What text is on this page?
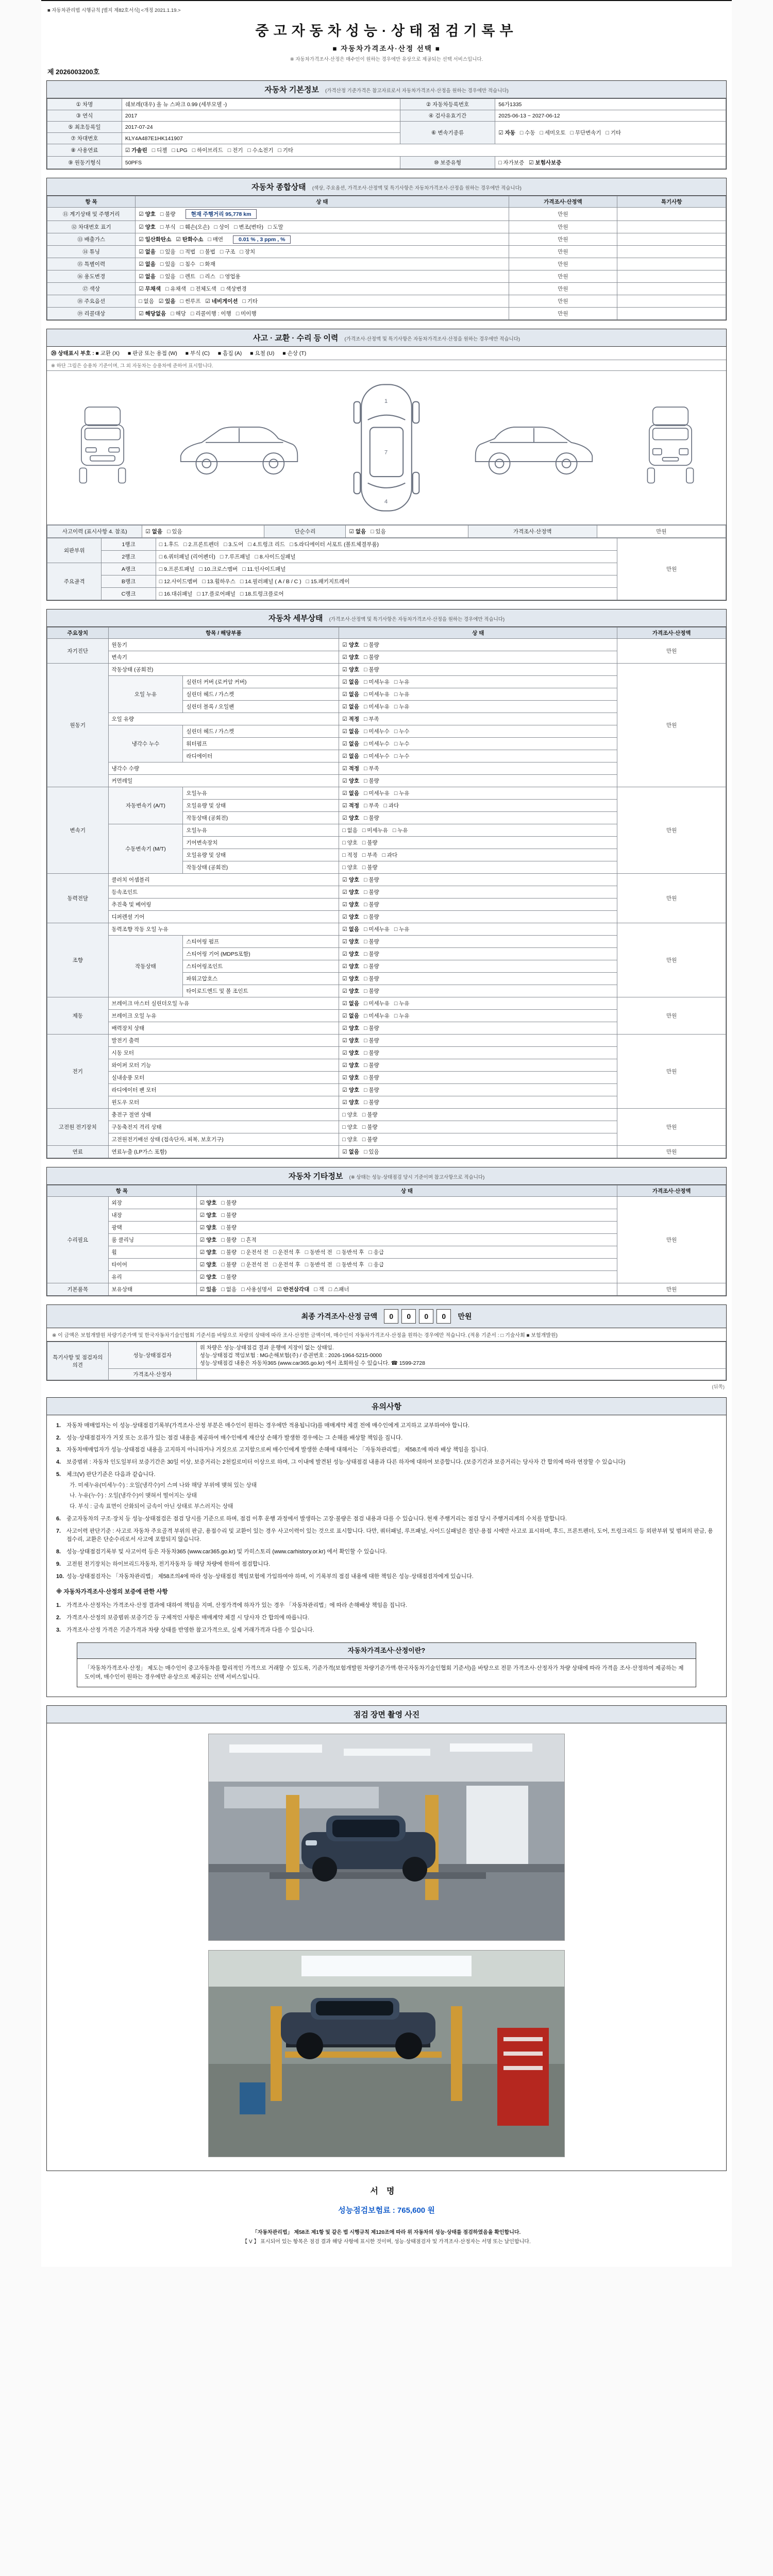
■ 자동차관리법 시행규칙 [별지 제82호서식] <개정 2021.1.19.>
중고자동차성능·상태점검기록부
■ 자동차가격조사·산정 선택 ■
※ 자동차가격조사·산정은 매수인이 원하는 경우에만 유상으로 제공되는 선택 서비스입니다.
제 2026003200호
자동차 기본정보 (가격산정 기준가격은 참고자료로서 자동차가격조사·산정을 원하는 경우에만 적습니다)
① 차명	쉐보레(대우) 올 뉴 스파크 0.99 (세부모델 -)	② 자동차등록번호	56가1335
③ 연식	2017	④ 검사유효기간	2025-06-13 ~ 2027-06-12
⑤ 최초등록일	2017-07-24	⑥ 변속기종류	☑ 자동 □ 수동 □ 세미오토 □ 무단변속기 □ 기타
⑦ 차대번호	KLY4A487E1HK141907		
⑧ 사용연료	☑ 가솔린 □ 디젤 □ LPG □ 하이브리드 □ 전기 □ 수소전기 □ 기타		
⑨ 원동기형식	50PFS	⑩ 보증유형	□ 자가보증 ☑ 보험사보증
자동차 종합상태 (색상, 주요옵션, 가격조사·산정액 및 특기사항은 자동차가격조사·산정을 원하는 경우에만 적습니다)
항 목	상 태	가격조사·산정액	특기사항
⑪ 계기상태 및 주행거리	☑ 양호 □ 불량 현재 주행거리 95,778 km	만원	
⑫ 차대번호 표기	☑ 양호 □ 부식 □ 훼손(오손) □ 상이 □ 변조(변타) □ 도말	만원	
⑬ 배출가스	☑ 일산화탄소 ☑ 탄화수소 □ 매연 0.01 % , 3 ppm , %	만원	
⑭ 튜닝	☑ 없음 □ 있음 □ 적법 □ 불법 □ 구조 □ 장치	만원	
⑮ 특별이력	☑ 없음 □ 있음 □ 침수 □ 화재	만원	
⑯ 용도변경	☑ 없음 □ 있음 □ 렌트 □ 리스 □ 영업용	만원	
⑰ 색상	☑ 무채색 □ 유채색 □ 전체도색 □ 색상변경	만원	
⑱ 주요옵션	□ 없음 ☑ 있음 □ 썬루프 ☑ 네비게이션 □ 기타	만원	
⑲ 리콜대상	☑ 해당없음 □ 해당 □ 리콜이행 : 이행 □ 미이행	만원	
사고 · 교환 · 수리 등 이력 (가격조사·산정액 및 특기사항은 자동차가격조사·산정을 원하는 경우에만 적습니다)
⑳ 상태표시 부호 : ■ 교환 (X) ■ 판금 또는 용접 (W) ■ 부식 (C) ■ 흠집 (A) ■ 요철 (U) ■ 손상 (T)
※ 하단 그림은 승용차 기준이며, 그 외 자동차는 승용차에 준하여 표시합니다.
1
7
4
사고이력 (표시사항 4. 참조)	☑ 없음 □ 있음	단순수리	☑ 없음 □ 있음	가격조사·산정액	만원
외판부위	1랭크	□ 1.후드 □ 2.프론트펜더 □ 3.도어 □ 4.트렁크 리드 □ 5.라디에이터 서포트 (볼트체결부품)	만원
	2랭크	□ 6.쿼터패널 (리어펜더) □ 7.루프패널 □ 8.사이드실패널	
주요골격	A랭크	□ 9.프론트패널 □ 10.크로스멤버 □ 11.인사이드패널	
	B랭크	□ 12.사이드멤버 □ 13.휠하우스 □ 14.필러패널 ( A / B / C ) □ 15.패키지트레이	
	C랭크	□ 16.대쉬패널 □ 17.플로어패널 □ 18.트렁크플로어	
자동차 세부상태 (가격조사·산정액 및 특기사항은 자동차가격조사·산정을 원하는 경우에만 적습니다)
주요장치	항목 / 해당부품		상 태	가격조사·산정액
자기진단	원동기		☑ 양호 □ 불량	만원
	변속기		☑ 양호 □ 불량	
원동기	작동상태 (공회전)		☑ 양호 □ 불량	만원
	오일 누유	실린더 커버 (로커암 커버)	☑ 없음 □ 미세누유 □ 누유	
		실린더 헤드 / 가스켓	☑ 없음 □ 미세누유 □ 누유	
		실린더 블록 / 오일팬	☑ 없음 □ 미세누유 □ 누유	
	오일 유량		☑ 적정 □ 부족	
	냉각수 누수	실린더 헤드 / 가스켓	☑ 없음 □ 미세누수 □ 누수	
		워터펌프	☑ 없음 □ 미세누수 □ 누수	
		라디에이터	☑ 없음 □ 미세누수 □ 누수	
	냉각수 수량		☑ 적정 □ 부족	
	커먼레일		☑ 양호 □ 불량	
변속기	자동변속기 (A/T)	오일누유	☑ 없음 □ 미세누유 □ 누유	만원
		오일유량 및 상태	☑ 적정 □ 부족 □ 과다	
		작동상태 (공회전)	☑ 양호 □ 불량	
	수동변속기 (M/T)	오일누유	□ 없음 □ 미세누유 □ 누유	
		기어변속장치	□ 양호 □ 불량	
		오일유량 및 상태	□ 적정 □ 부족 □ 과다	
		작동상태 (공회전)	□ 양호 □ 불량	
동력전달	클러치 어셈블리		☑ 양호 □ 불량	만원
	등속조인트		☑ 양호 □ 불량	
	추진축 및 베어링		☑ 양호 □ 불량	
	디퍼렌셜 기어		☑ 양호 □ 불량	
조향	동력조향 작동 오일 누유		☑ 없음 □ 미세누유 □ 누유	만원
	작동상태	스티어링 펌프	☑ 양호 □ 불량	
		스티어링 기어 (MDPS포함)	☑ 양호 □ 불량	
		스티어링조인트	☑ 양호 □ 불량	
		파워고압호스	☑ 양호 □ 불량	
		타이로드엔드 및 볼 조인트	☑ 양호 □ 불량	
제동	브레이크 마스터 실린더오일 누유		☑ 없음 □ 미세누유 □ 누유	만원
	브레이크 오일 누유		☑ 없음 □ 미세누유 □ 누유	
	배력장치 상태		☑ 양호 □ 불량	
전기	발전기 출력		☑ 양호 □ 불량	만원
	시동 모터		☑ 양호 □ 불량	
	와이퍼 모터 기능		☑ 양호 □ 불량	
	실내송풍 모터		☑ 양호 □ 불량	
	라디에이터 팬 모터		☑ 양호 □ 불량	
	윈도우 모터		☑ 양호 □ 불량	
고전원 전기장치	충전구 절연 상태		□ 양호 □ 불량	만원
	구동축전지 격리 상태		□ 양호 □ 불량	
	고전원전기배선 상태 (접속단자, 피복, 보호기구)		□ 양호 □ 불량	
연료	연료누출 (LP가스 포함)		☑ 없음 □ 있음	만원
자동차 기타정보 (※ 상태는 성능·상태점검 당시 기준이며 참고사항으로 적습니다)
항 목		상 태	가격조사·산정액
수리필요	외장	☑ 양호 □ 불량	만원
	내장	☑ 양호 □ 불량	
	광택	☑ 양호 □ 불량	
	룸 클리닝	☑ 양호 □ 불량 □ 흔적	
	휠	☑ 양호 □ 불량 □ 운전석 전 □ 운전석 후 □ 동반석 전 □ 동반석 후 □ 응급	
	타이어	☑ 양호 □ 불량 □ 운전석 전 □ 운전석 후 □ 동반석 전 □ 동반석 후 □ 응급	
	유리	☑ 양호 □ 불량	
기본품목	보유상태	☑ 있음 □ 없음 □ 사용설명서 ☑ 안전삼각대 □ 잭 □ 스패너	만원
최종 가격조사·산정 금액	0 0 0 0	만원
※ 이 금액은 보험개발원 차량기준가액 및 한국자동차기술인협회 기준서를 바탕으로 차량의 상태에 따라 조사·산정한 금액이며, 매수인이 자동차가격조사·산정을 원하는 경우에만 적습니다. (적용 기준서 : □ 기술사회 ■ 보험개발원)
특기사항 및 점검자의 의견	성능·상태점검자	위 차량은 성능·상태점검 결과 운행에 지장이 없는 상태임.
성능·상태점검 책임보험 : MG손해보험(주) / 증권번호 : 2026-1964-5215-0000
성능·상태점검 내용은 자동차365 (www.car365.go.kr) 에서 조회하실 수 있습니다. ☎ 1599-2728
	가격조사·산정자	
(뒤쪽)
유의사항
1.	자동차 매매업자는 이 성능·상태점검기록부(가격조사·산정 부분은 매수인이 원하는 경우에만 적용됩니다)를 매매계약 체결 전에 매수인에게 고지하고 교부하여야 합니다.
2.	성능·상태점검자가 거짓 또는 오류가 있는 점검 내용을 제공하여 매수인에게 재산상 손해가 발생한 경우에는 그 손해를 배상할 책임을 집니다.
3.	자동차매매업자가 성능·상태점검 내용을 고지하지 아니하거나 거짓으로 고지함으로써 매수인에게 발생한 손해에 대해서는 「자동차관리법」 제58조에 따라 배상 책임을 집니다.
4.	보증범위 : 자동차 인도일부터 보증기간은 30일 이상, 보증거리는 2천킬로미터 이상으로 하며, 그 이내에 발견된 성능·상태점검 내용과 다른 하자에 대하여 보증합니다. (보증기간과 보증거리는 당사자 간 합의에 따라 연장할 수 있습니다)
5.	체크(V) 판단기준은 다음과 같습니다.
가. 미세누유(미세누수) : 오일(냉각수)이 스며 나와 해당 부위에 맺혀 있는 상태
나. 누유(누수) : 오일(냉각수)이 맺혀서 떨어지는 상태
다. 부식 : 금속 표면이 산화되어 금속이 아닌 상태로 부스러지는 상태
6.	중고자동차의 구조·장치 등 성능·상태점검은 점검 당시를 기준으로 하며, 점검 이후 운행 과정에서 발생하는 고장·불량은 점검 내용과 다를 수 있습니다. 현재 주행거리는 점검 당시 주행거리계의 수치를 말합니다.
7.	사고이력 판단기준 : 사고로 자동차 주요골격 부위의 판금, 용접수리 및 교환이 있는 경우 사고이력이 있는 것으로 표시합니다. 다만, 쿼터패널, 루프패널, 사이드실패널은 절단·용접 시에만 사고로 표시하며, 후드, 프론트펜더, 도어, 트렁크리드 등 외판부위 및 범퍼의 판금, 용접수리, 교환은 단순수리로서 사고에 포함되지 않습니다.
8.	성능·상태점검기록부 및 사고이력 등은 자동차365 (www.car365.go.kr) 및 카히스토리 (www.carhistory.or.kr) 에서 확인할 수 있습니다.
9.	고전원 전기장치는 하이브리드자동차, 전기자동차 등 해당 차량에 한하여 점검합니다.
10. 성능·상태점검자는 「자동차관리법」 제58조의4에 따라 성능·상태점검 책임보험에 가입하여야 하며, 이 기록부의 점검 내용에 대한 책임은 성능·상태점검자에게 있습니다.
※ 자동차가격조사·산정의 보증에 관한 사항
1.	가격조사·산정자는 가격조사·산정 결과에 대하여 책임을 지며, 산정가격에 하자가 있는 경우 「자동차관리법」에 따라 손해배상 책임을 집니다.
2.	가격조사·산정의 보증범위·보증기간 등 구체적인 사항은 매매계약 체결 시 당사자 간 합의에 따릅니다.
3.	가격조사·산정 가격은 기준가격과 차량 상태를 반영한 참고가격으로, 실제 거래가격과 다를 수 있습니다.
자동차가격조사·산정이란?
「자동차가격조사·산정」 제도는 매수인이 중고자동차를 합리적인 가격으로 거래할 수 있도록, 기준가격(보험개발원 차량기준가액·한국자동차기술인협회 기준서)을 바탕으로 전문 가격조사·산정자가 차량 상태에 따라 가격을 조사·산정하여 제공하는 제도이며, 매수인이 원하는 경우에만 유상으로 제공되는 선택 서비스입니다.
점검 장면 촬영 사진
서명
성능점검보험료 : 765,600 원
「자동차관리법」 제58조 제1항 및 같은 법 시행규칙 제120조에 따라 위 자동차의 성능·상태를 점검하였음을 확인합니다.
【 V 】 표시되어 있는 항목은 점검 결과 해당 사항에 표시한 것이며, 성능·상태점검자 및 가격조사·산정자는 서명 또는 날인합니다.
